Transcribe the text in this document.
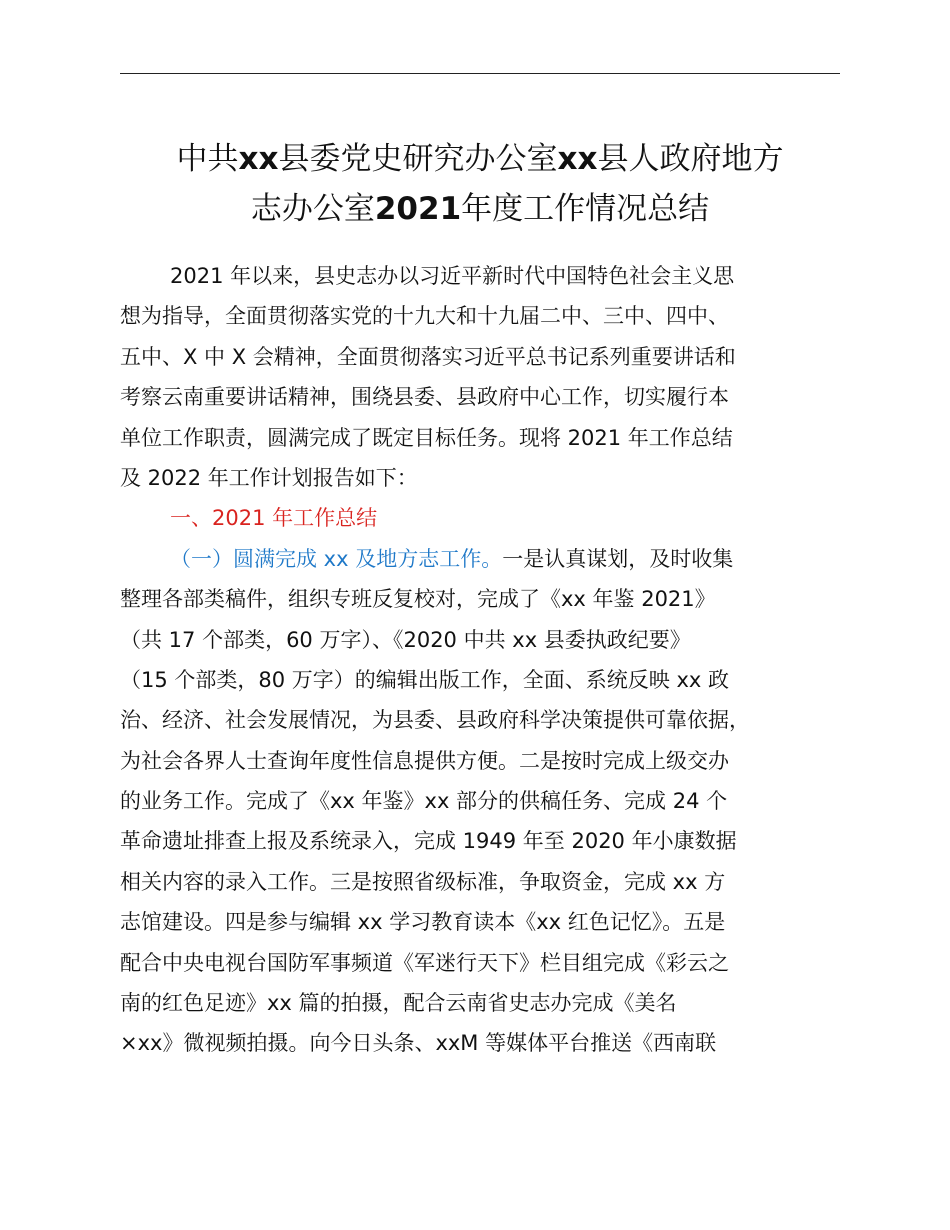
中共xx县委党史研究办公室xx县人政府地方
志办公室2021年度工作情况总结
2021 年以来，县史志办以习近平新时代中国特色社会主义思
想为指导，全面贯彻落实党的十九大和十九届二中、三中、四中、
五中、X 中 X 会精神，全面贯彻落实习近平总书记系列重要讲话和
考察云南重要讲话精神，围绕县委、县政府中心工作，切实履行本
单位工作职责，圆满完成了既定目标任务。现将 2021 年工作总结
及 2022 年工作计划报告如下：
一、2021 年工作总结
（一）圆满完成 xx 及地方志工作。一是认真谋划，及时收集
整理各部类稿件，组织专班反复校对，完成了《xx 年鉴 2021》
（共 17 个部类，60 万字）、《2020 中共 xx 县委执政纪要》
（15 个部类，80 万字）的编辑出版工作，全面、系统反映 xx 政
治、经济、社会发展情况，为县委、县政府科学决策提供可靠依据，
为社会各界人士查询年度性信息提供方便。二是按时完成上级交办
的业务工作。完成了《xx 年鉴》xx 部分的供稿任务、完成 24 个
革命遗址排查上报及系统录入，完成 1949 年至 2020 年小康数据
相关内容的录入工作。三是按照省级标准，争取资金，完成 xx 方
志馆建设。四是参与编辑 xx 学习教育读本《xx 红色记忆》。五是
配合中央电视台国防军事频道《军迷行天下》栏目组完成《彩云之
南的红色足迹》xx 篇的拍摄，配合云南省史志办完成《美名
×xx》微视频拍摄。向今日头条、xxM 等媒体平台推送《西南联
